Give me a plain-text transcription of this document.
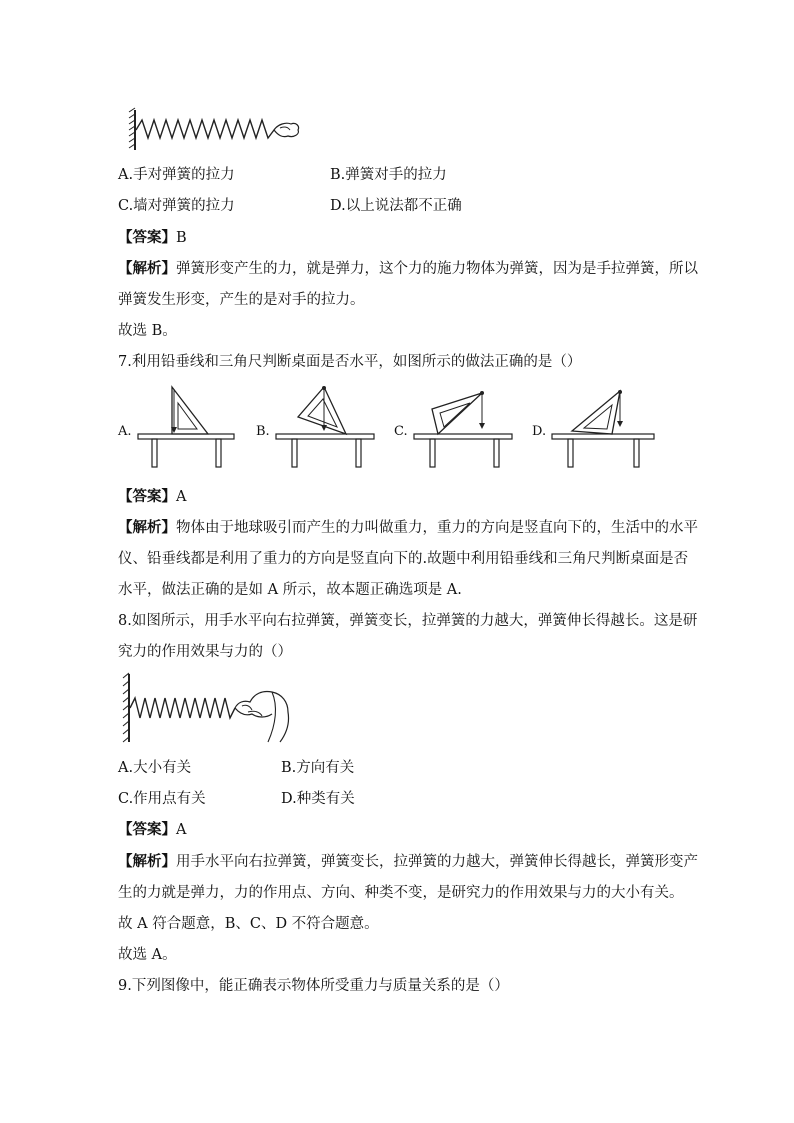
A.手对弹簧的拉力	B.弹簧对手的拉力
C.墙对弹簧的拉力	D.以上说法都不正确
【答案】B
【解析】弹簧形变产生的力，就是弹力，这个力的施力物体为弹簧，因为是手拉弹簧，所以
弹簧发生形变，产生的是对手的拉力。
故选 B。
7.利用铅垂线和三角尺判断桌面是否水平，如图所示的做法正确的是（）
A.	B.	C.	D.
【答案】A
【解析】物体由于地球吸引而产生的力叫做重力，重力的方向是竖直向下的，生活中的水平
仪、铅垂线都是利用了重力的方向是竖直向下的.故题中利用铅垂线和三角尺判断桌面是否
水平，做法正确的是如 A 所示，故本题正确选项是 A.
8.如图所示，用手水平向右拉弹簧，弹簧变长，拉弹簧的力越大，弹簧伸长得越长。这是研
究力的作用效果与力的（）
A.大小有关	B.方向有关
C.作用点有关	D.种类有关
【答案】A
【解析】用手水平向右拉弹簧，弹簧变长，拉弹簧的力越大，弹簧伸长得越长，弹簧形变产
生的力就是弹力，力的作用点、方向、种类不变，是研究力的作用效果与力的大小有关。
故 A 符合题意，B、C、D 不符合题意。
故选 A。
9.下列图像中，能正确表示物体所受重力与质量关系的是（）
